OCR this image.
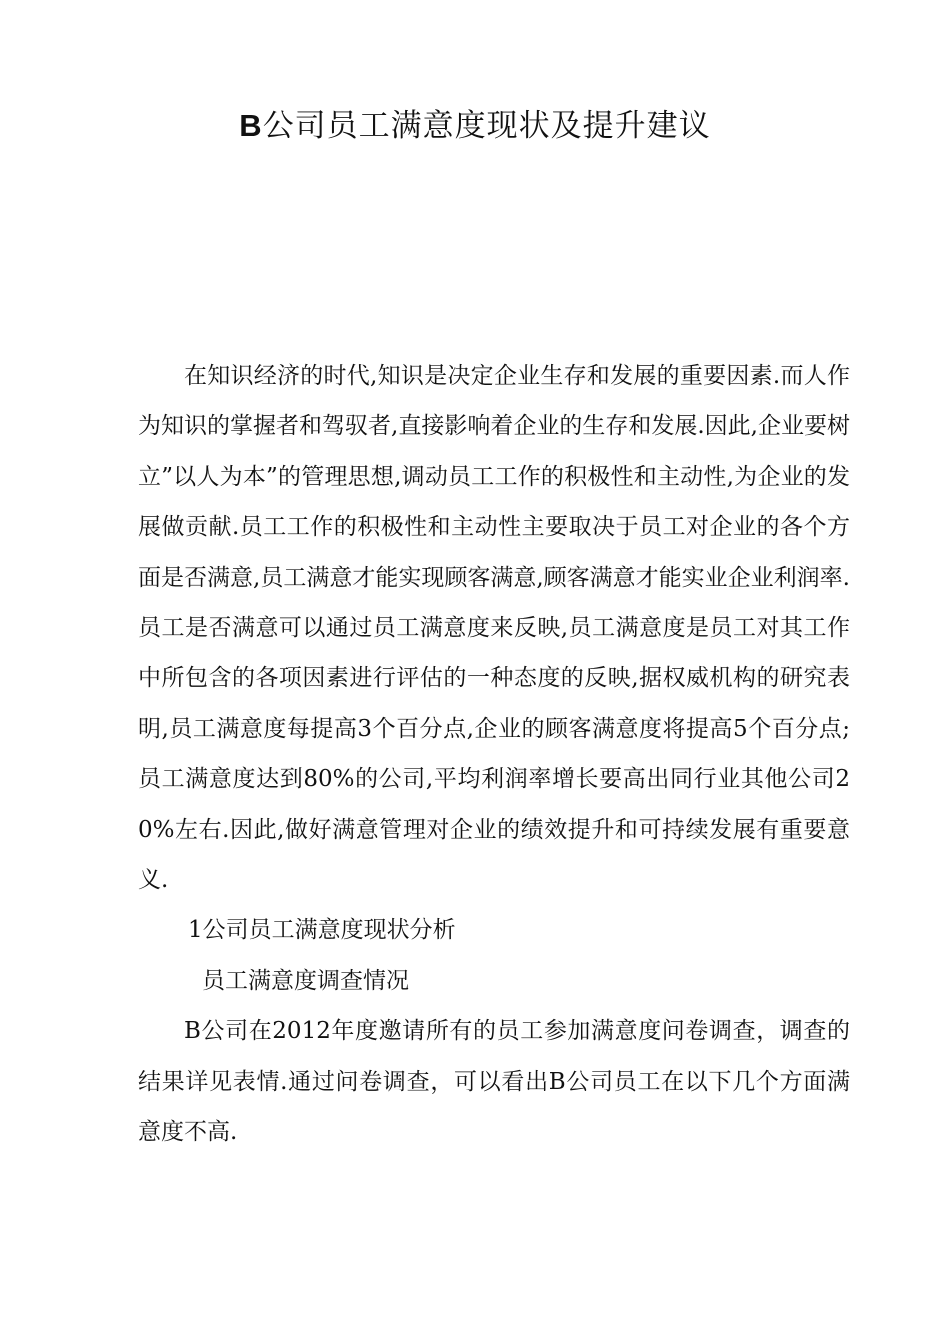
B公司员工满意度现状及提升建议

在知识经济的时代,知识是决定企业生存和发展的重要因素.而人作为知识的掌握者和驾驭者,直接影响着企业的生存和发展.因此,企业要树立”以人为本”的管理思想,调动员工工作的积极性和主动性,为企业的发展做贡献.员工工作的积极性和主动性主要取决于员工对企业的各个方面是否满意,员工满意才能实现顾客满意,顾客满意才能实业企业利润率.员工是否满意可以通过员工满意度来反映,员工满意度是员工对其工作中所包含的各项因素进行评估的一种态度的反映,据权威机构的研究表明,员工满意度每提高3个百分点,企业的顾客满意度将提高5个百分点;员工满意度达到80%的公司,平均利润率增长要高出同行业其他公司20%左右.因此,做好满意管理对企业的绩效提升和可持续发展有重要意义.

1公司员工满意度现状分析

员工满意度调查情况

B公司在2012年度邀请所有的员工参加满意度问卷调查，调查的结果详见表情.通过问卷调查，可以看出B公司员工在以下几个方面满意度不高.
